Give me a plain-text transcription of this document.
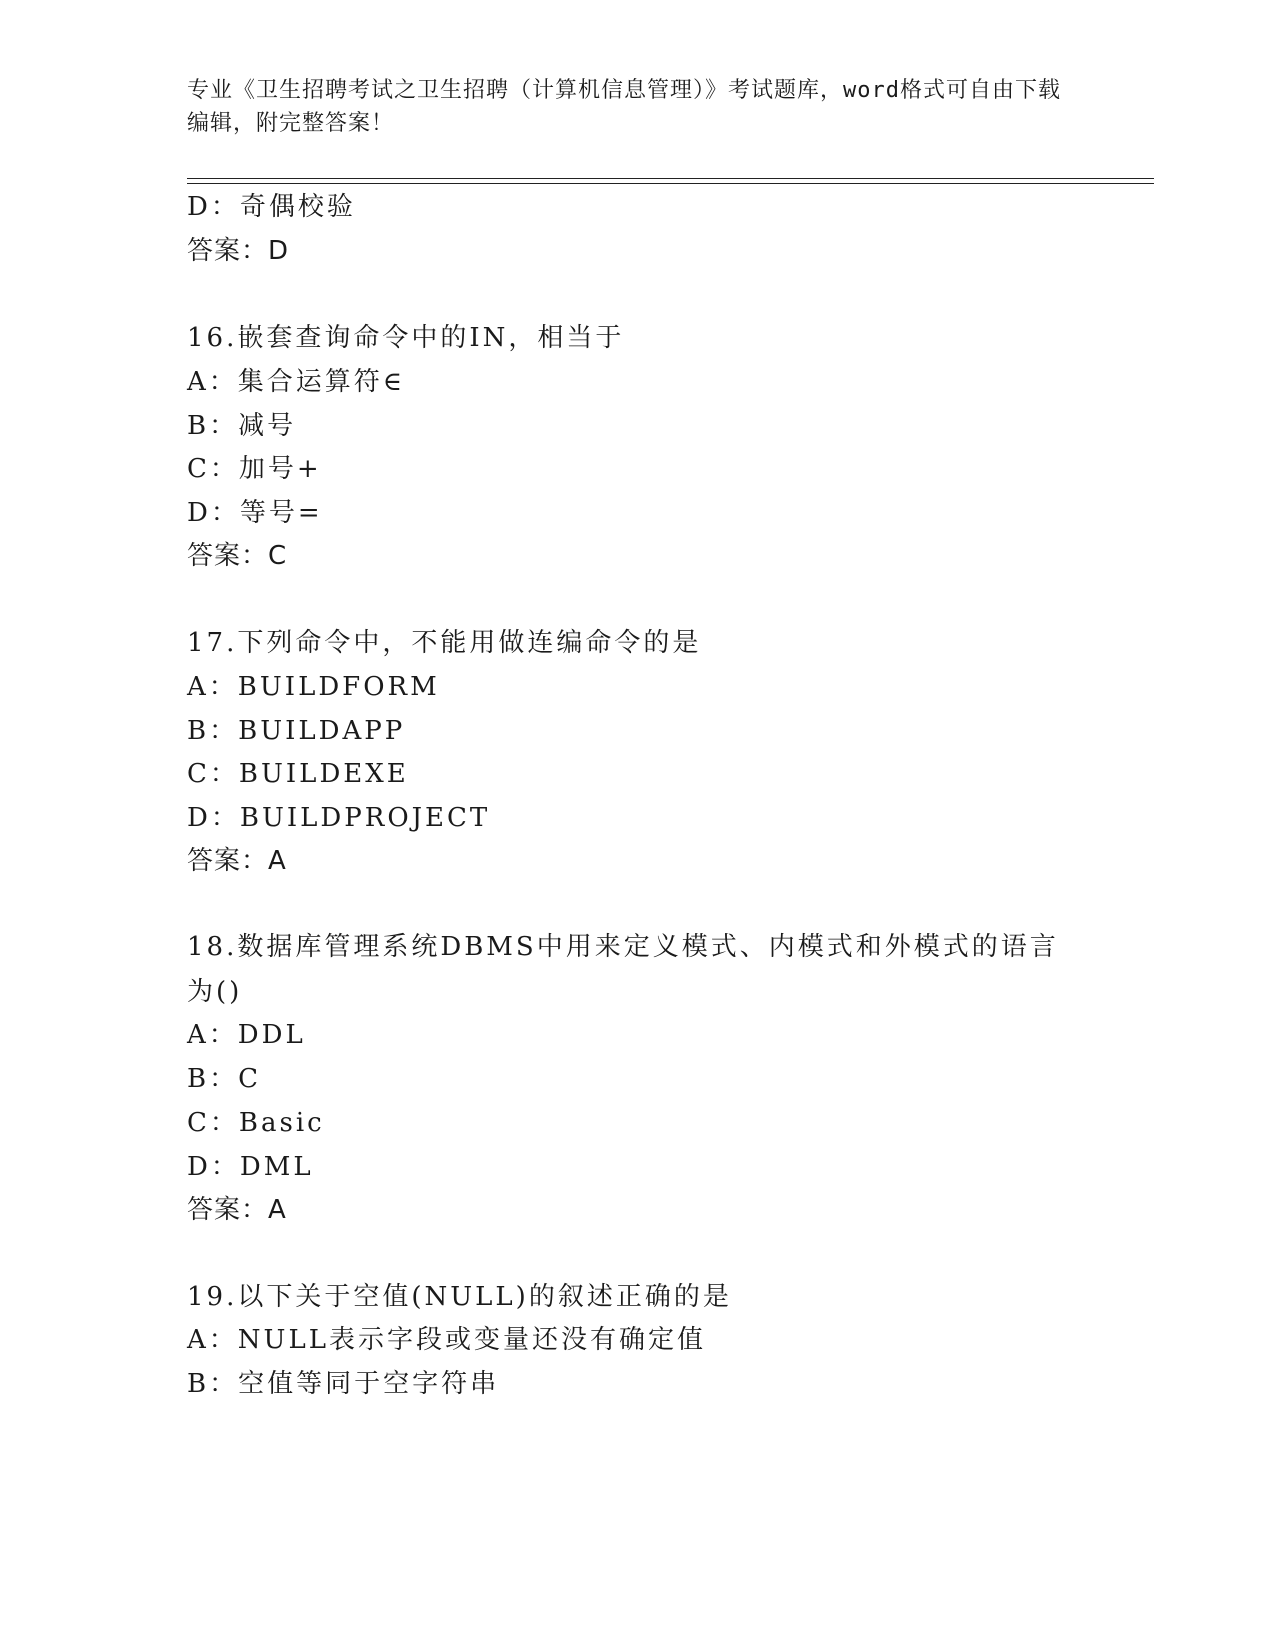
专业《卫生招聘考试之卫生招聘（计算机信息管理）》考试题库，word格式可自由下载编辑，附完整答案！
D：奇偶校验
答案：D
16.嵌套查询命令中的IN，相当于
A：集合运算符∈
B：减号
C：加号+
D：等号=
答案：C
17.下列命令中，不能用做连编命令的是
A：BUILDFORM
B：BUILDAPP
C：BUILDEXE
D：BUILDPROJECT
答案：A
18.数据库管理系统DBMS中用来定义模式、内模式和外模式的语言为()
A：DDL
B：C
C：Basic
D：DML
答案：A
19.以下关于空值(NULL)的叙述正确的是
A：NULL表示字段或变量还没有确定值
B：空值等同于空字符串
